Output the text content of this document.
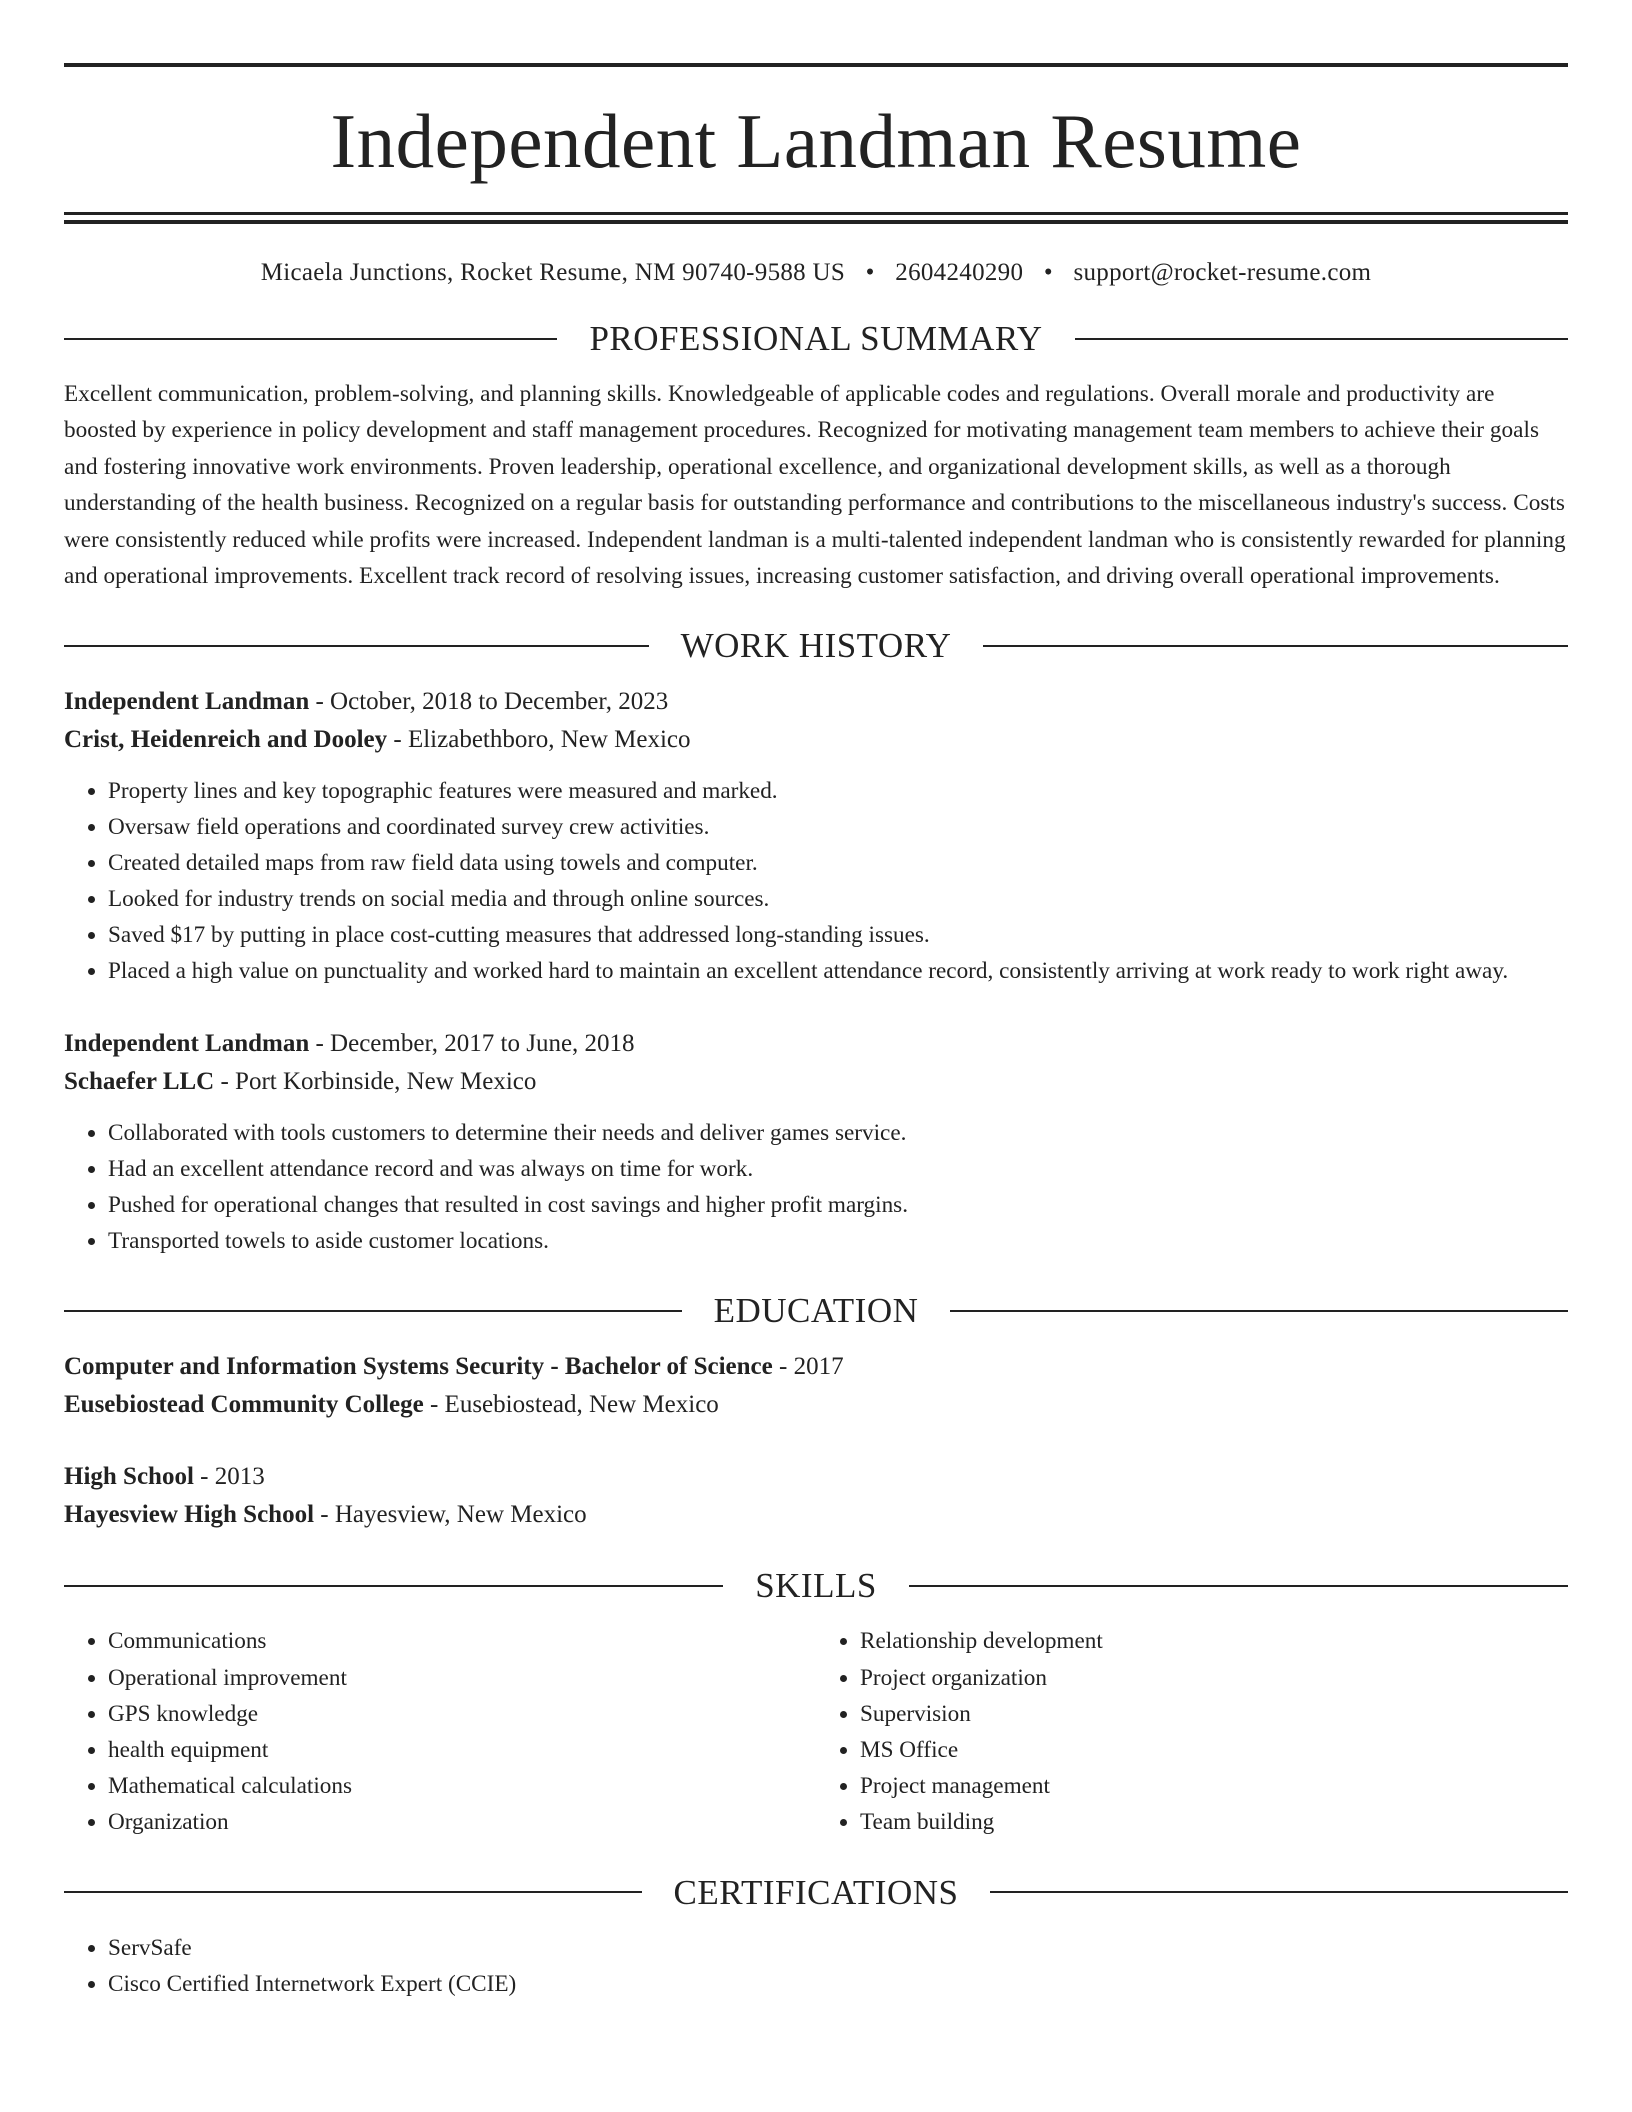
Independent Landman Resume
Micaela Junctions, Rocket Resume, NM 90740-9588 US • 2604240290 • support@rocket-resume.com
PROFESSIONAL SUMMARY

Excellent communication, problem-solving, and planning skills. Knowledgeable of applicable codes and regulations. Overall morale and productivity are boosted by experience in policy development and staff management procedures. Recognized for motivating management team members to achieve their goals and fostering innovative work environments. Proven leadership, operational excellence, and organizational development skills, as well as a thorough understanding of the health business. Recognized on a regular basis for outstanding performance and contributions to the miscellaneous industry's success. Costs were consistently reduced while profits were increased. Independent landman is a multi-talented independent landman who is consistently rewarded for planning and operational improvements. Excellent track record of resolving issues, increasing customer satisfaction, and driving overall operational improvements.

WORK HISTORY
Independent Landman - October, 2018 to December, 2023
Crist, Heidenreich and Dooley - Elizabethboro, New Mexico
• Property lines and key topographic features were measured and marked.
• Oversaw field operations and coordinated survey crew activities.
• Created detailed maps from raw field data using towels and computer.
• Looked for industry trends on social media and through online sources.
• Saved $17 by putting in place cost-cutting measures that addressed long-standing issues.
• Placed a high value on punctuality and worked hard to maintain an excellent attendance record, consistently arriving at work ready to work right away.
Independent Landman - December, 2017 to June, 2018
Schaefer LLC - Port Korbinside, New Mexico
• Collaborated with tools customers to determine their needs and deliver games service.
• Had an excellent attendance record and was always on time for work.
• Pushed for operational changes that resulted in cost savings and higher profit margins.
• Transported towels to aside customer locations.
EDUCATION
Computer and Information Systems Security - Bachelor of Science - 2017
Eusebiostead Community College - Eusebiostead, New Mexico
High School - 2013
Hayesview High School - Hayesview, New Mexico
SKILLS
• Communications
• Operational improvement
• GPS knowledge
• health equipment
• Mathematical calculations
• Organization
• Relationship development
• Project organization
• Supervision
• MS Office
• Project management
• Team building
CERTIFICATIONS
• ServSafe
• Cisco Certified Internetwork Expert (CCIE)
